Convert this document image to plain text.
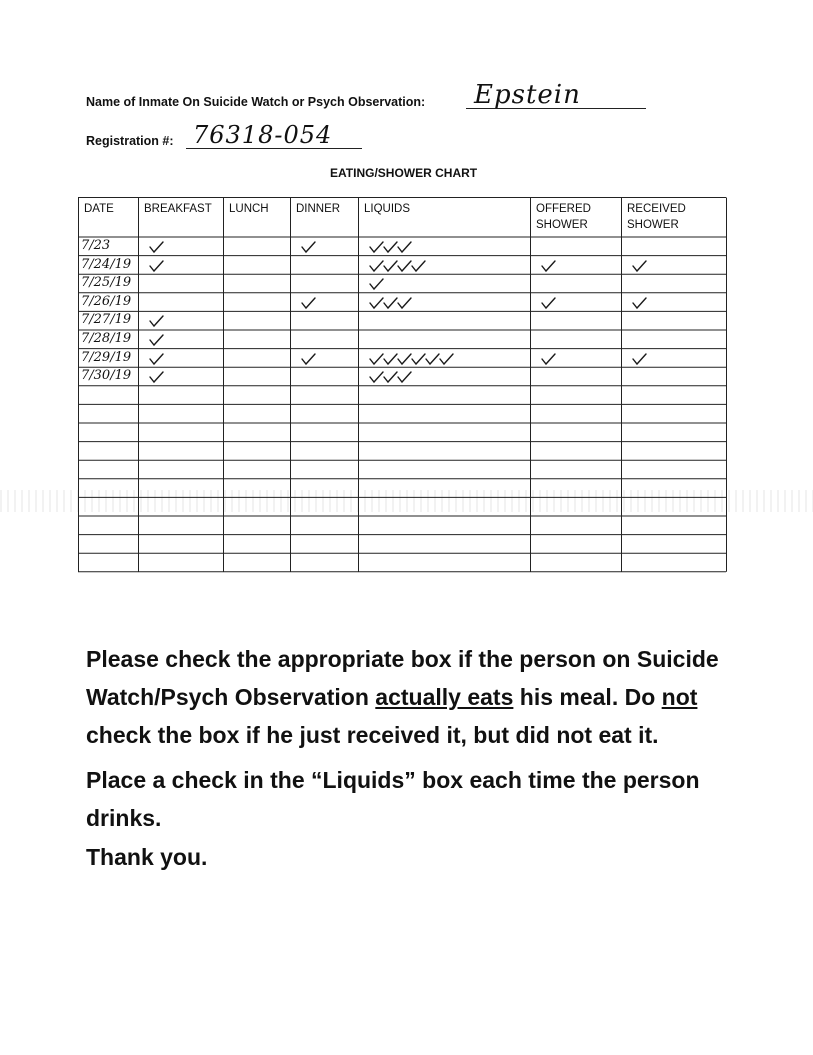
Name of Inmate On Suicide Watch or Psych Observation: Epstein
Registration #: 76318-054
EATING/SHOWER CHART
DATE	BREAKFAST LUNCH DINNER LIQUIDS	OFFERED
SHOWER
RECEIVED
SHOWER
7/23
7/24/19
7/25/19
7/26/19
7/27/19
7/28/19
7/29/19
7/30/19

Please check the appropriate box if the person on Suicide Watch/Psych Observation actually eats his meal. Do not check the box if he just received it, but did not eat it.

Place a check in the “Liquids” box each time the person drinks.

Thank you.
